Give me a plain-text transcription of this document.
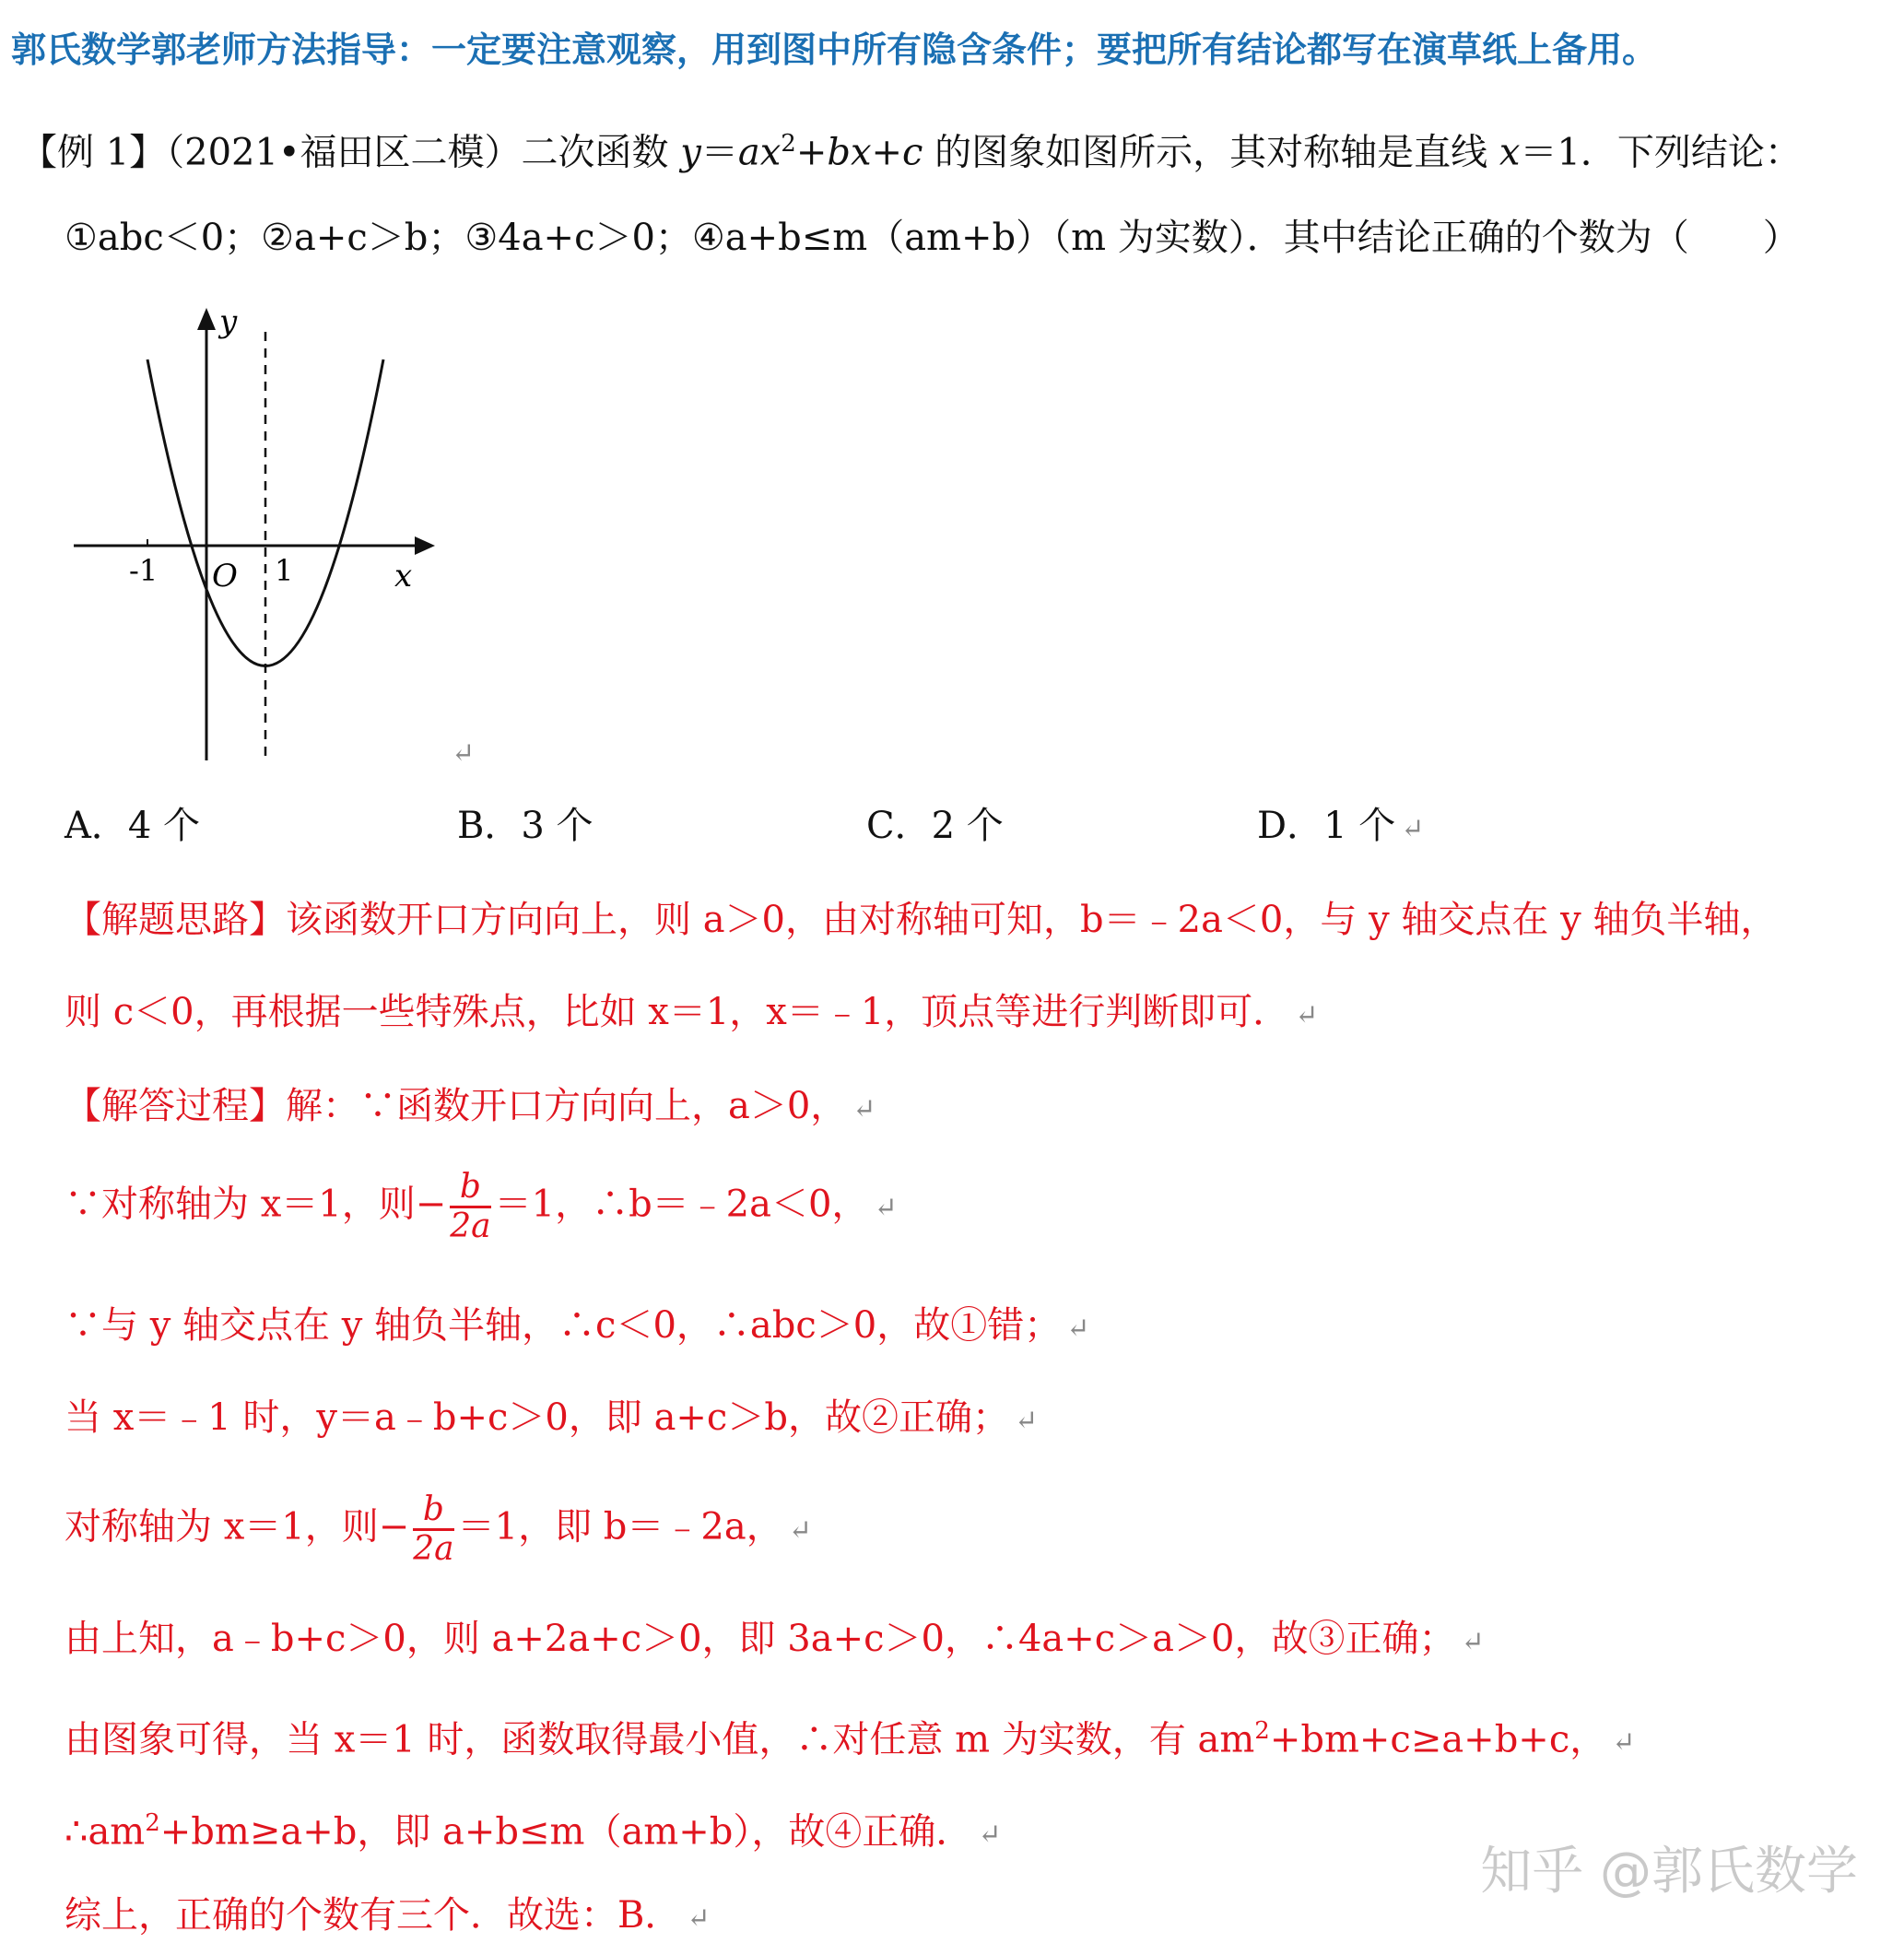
郭氏数学郭老师方法指导：一定要注意观察，用到图中所有隐含条件；要把所有结论都写在演草纸上备用。
【例 1】（2021•福田区二模）二次函数 $y=ax^2+bx+c$ 的图象如图所示，其对称轴是直线 x＝1．下列结论：
①abc＜0；②a+c＞b；③4a+c＞0；④a+b≤m（am+b）（m 为实数）．其中结论正确的个数为（　　）
y
x
O
-1	1
↵
A．4 个	B．3 个	C．2 个	D．1 个 ↵
【解题思路】该函数开口方向向上，则 a＞0，由对称轴可知，b＝﹣2a＜0，与 y 轴交点在 y 轴负半轴，
则 c＜0，再根据一些特殊点，比如 x＝1，x＝﹣1，顶点等进行判断即可． ↵
【解答过程】解：∵函数开口方向向上，a＞0， ↵
∵对称轴为 x＝1，则− $\frac{b}{2a} =1$，∴b＝﹣2a＜0， ↵
∵与 y 轴交点在 y 轴负半轴，∴c＜0，∴abc＞0，故①错； ↵
当 x＝﹣1 时，y＝a﹣b+c＞0，即 a+c＞b，故②正确； ↵
对称轴为 x＝1，则− $\frac{b}{2a} =1$，即 b＝﹣2a， ↵
由上知，a﹣b+c＞0，则 a+2a+c＞0，即 3a+c＞0，∴4a+c＞a＞0，故③正确； ↵
由图象可得，当 x＝1 时，函数取得最小值，∴对任意 m 为实数，有 $am^2+bm+c\ge a+b+c$， ↵
$\therefore am^2+bm\ge a+b$，即 a+b≤m（am+b），故④正确． ↵
综上，正确的个数有三个．故选：B． ↵
知乎 @郭氏数学
